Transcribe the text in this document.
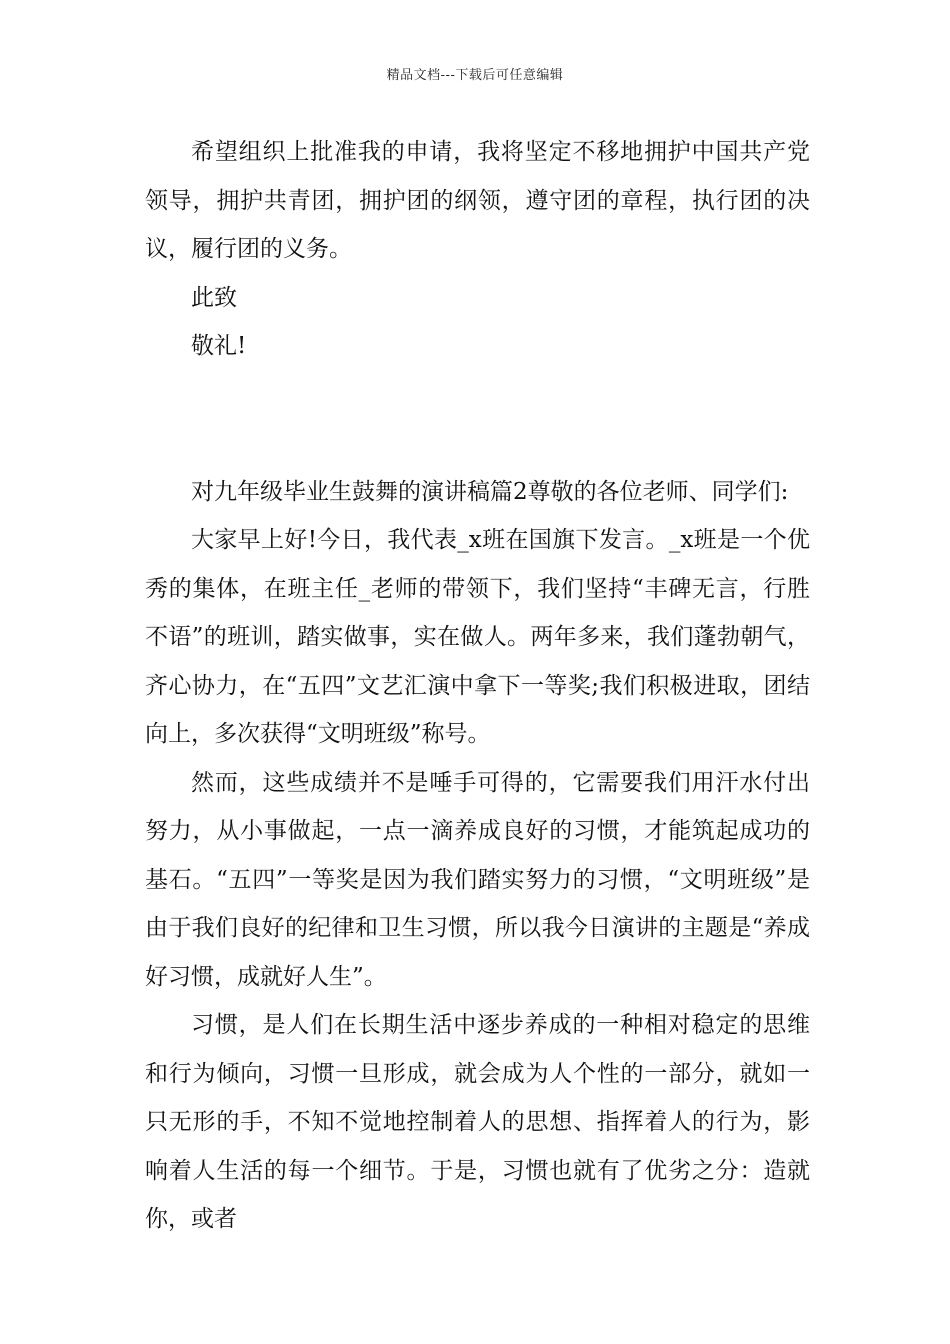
精品文档---下载后可任意编辑

希望组织上批准我的申请，我将坚定不移地拥护中国共产党领导，拥护共青团，拥护团的纲领，遵守团的章程，执行团的决议，履行团的义务。

此致

敬礼!

对九年级毕业生鼓舞的演讲稿篇2尊敬的各位老师、同学们:

大家早上好!今日，我代表_x班在国旗下发言。_x班是一个优秀的集体，在班主任_老师的带领下，我们坚持“丰碑无言，行胜不语”的班训，踏实做事，实在做人。两年多来，我们蓬勃朝气，齐心协力，在“五四”文艺汇演中拿下一等奖;我们积极进取，团结向上，多次获得“文明班级”称号。

然而，这些成绩并不是唾手可得的，它需要我们用汗水付出努力，从小事做起，一点一滴养成良好的习惯，才能筑起成功的基石。“五四”一等奖是因为我们踏实努力的习惯，“文明班级”是由于我们良好的纪律和卫生习惯，所以我今日演讲的主题是“养成好习惯，成就好人生”。

习惯，是人们在长期生活中逐步养成的一种相对稳定的思维和行为倾向，习惯一旦形成，就会成为人个性的一部分，就如一只无形的手，不知不觉地控制着人的思想、指挥着人的行为，影响着人生活的每一个细节。于是，习惯也就有了优劣之分：造就你，或者
